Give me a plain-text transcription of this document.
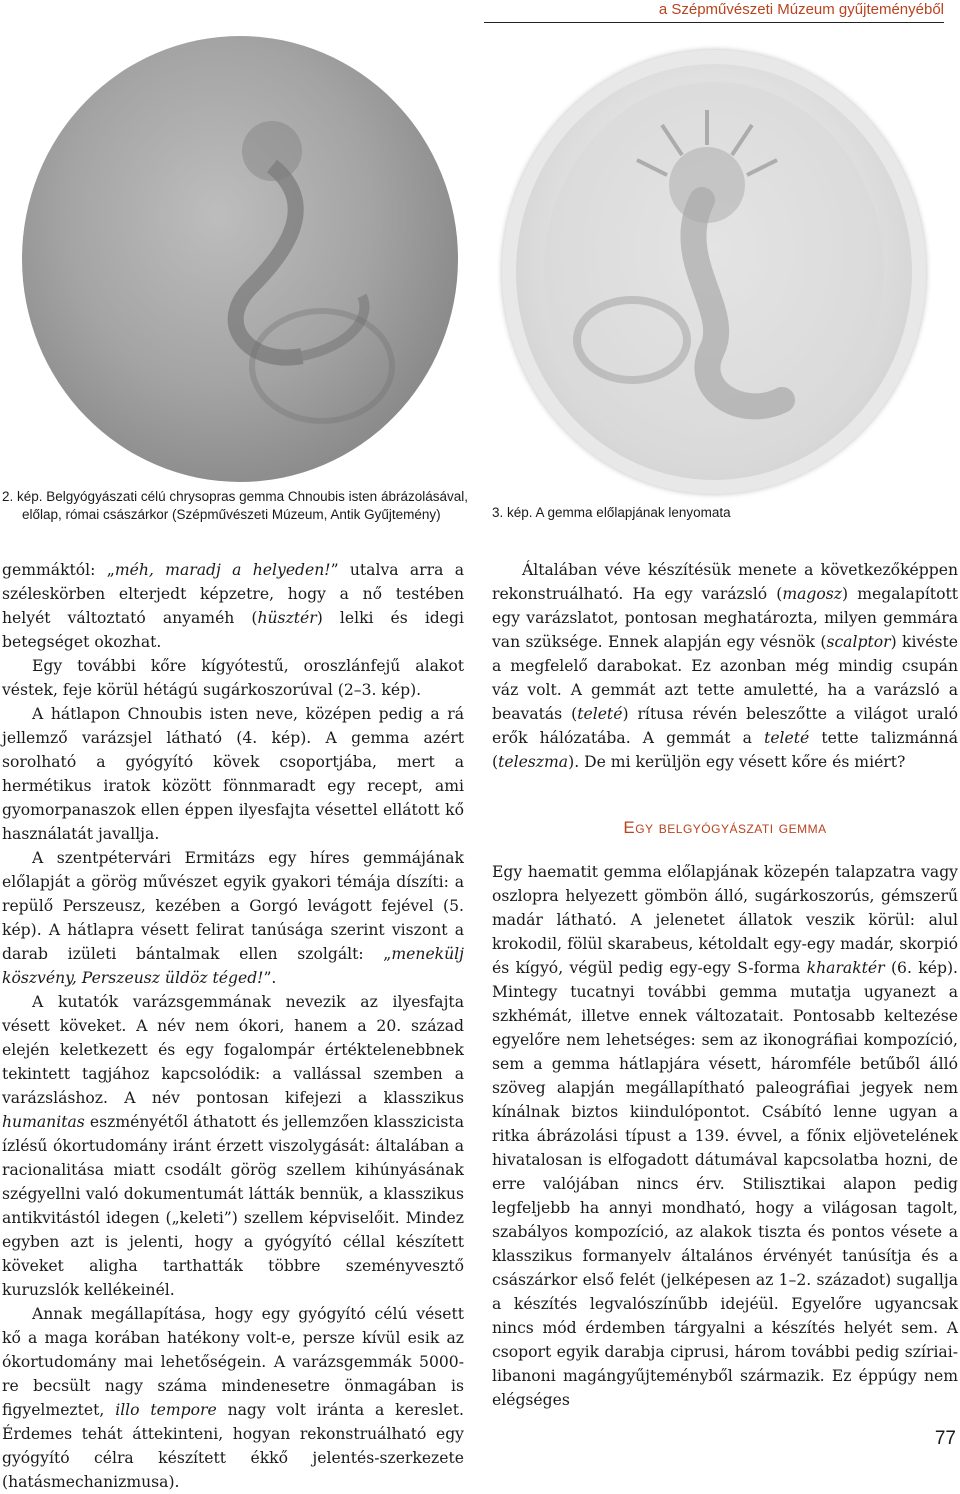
a Szépművészeti Múzeum gyűjteményéből
2. kép. Belgyógyászati célú chrysopras gemma Chnoubis isten ábrázolásával,
előlap, római császárkor (Szépművészeti Múzeum, Antik Gyűjtemény)	3. kép. A gemma előlapjának lenyomata

gemmáktól: „méh, maradj a helyeden!” utalva arra a széleskörben elterjedt képzetre, hogy a nő testében helyét változtató anyaméh (hüsztér) lelki és idegi betegséget okozhat.

Egy további kőre kígyótestű, oroszlánfejű alakot véstek, feje körül hétágú sugárkoszorúval (2–3. kép).

A hátlapon Chnoubis isten neve, középen pedig a rá jellemző varázsjel látható (4. kép). A gemma azért sorolható a gyógyító kövek csoportjába, mert a hermétikus iratok között fönnmaradt egy recept, ami gyomorpanaszok ellen éppen ilyesfajta vésettel ellátott kő használatát javallja.

A szentpétervári Ermitázs egy híres gemmájának előlapját a görög művészet egyik gyakori témája díszíti: a repülő Perszeusz, kezében a Gorgó levágott fejével (5. kép). A hátlapra vésett felirat tanúsága szerint viszont a darab izületi bántalmak ellen szolgált: „menekülj köszvény, Perszeusz üldöz téged!”.

A kutatók varázsgemmának nevezik az ilyesfajta vésett köveket. A név nem ókori, hanem a 20. század elején keletkezett és egy fogalompár értéktelenebbnek tekintett tagjához kapcsolódik: a vallással szemben a varázsláshoz. A név pontosan kifejezi a klasszikus humanitas eszményétől áthatott és jellemzően klasszicista ízlésű ókortudomány iránt érzett viszolygását: általában a racionalitása miatt csodált görög szellem kihúnyásának szégyellni való dokumentumát látták bennük, a klasszikus antikvitástól idegen („keleti”) szellem képviselőit. Mindez egyben azt is jelenti, hogy a gyógyító céllal készített köveket aligha tarthatták többre szeményvesztő kuruzslók kellékeinél.

Annak megállapítása, hogy egy gyógyító célú vésett kő a maga korában hatékony volt-e, persze kívül esik az ókortudomány mai lehetőségein. A varázsgemmák 5000-re becsült nagy száma mindenesetre önmagában is figyelmeztet, illo tempore nagy volt iránta a kereslet. Érdemes tehát áttekinteni, hogyan rekonstruálható egy gyógyító célra készített ékkő jelentés-szerkezete (hatásmechanizmusa).

Általában véve készítésük menete a következőképpen rekonstruálható. Ha egy varázsló (magosz) megalapított egy varázslatot, pontosan meghatározta, milyen gemmára van szüksége. Ennek alapján egy vésnök (scalptor) kivéste a megfelelő darabokat. Ez azonban még mindig csupán váz volt. A gemmát azt tette amuletté, ha a varázsló a beavatás (teleté) rítusa révén beleszőtte a világot uraló erők hálózatába. A gemmát a teleté tette talizmánná (teleszma). De mi kerüljön egy vésett kőre és miért?

Egy belgyógyászati gemma

Egy haematit gemma előlapjának közepén talapzatra vagy oszlopra helyezett gömbön álló, sugárkoszorús, gémszerű madár látható. A jelenetet állatok veszik körül: alul krokodil, fölül skarabeus, kétoldalt egy-egy madár, skorpió és kígyó, végül pedig egy-egy S-forma kharaktér (6. kép). Mintegy tucatnyi további gemma mutatja ugyanezt a szkhémát, illetve ennek változatait. Pontosabb keltezése egyelőre nem lehetséges: sem az ikonográfiai kompozíció, sem a gemma hátlapjára vésett, háromféle betűből álló szöveg alapján megállapítható paleográfiai jegyek nem kínálnak biztos kiindulópontot. Csábító lenne ugyan a ritka ábrázolási típust a 139. évvel, a főnix eljövetelének hivatalosan is elfogadott dátumával kapcsolatba hozni, de erre valójában nincs érv. Stilisztikai alapon pedig legfeljebb ha annyi mondható, hogy a világosan tagolt, szabályos kompozíció, az alakok tiszta és pontos vésete a klasszikus formanyelv általános érvényét tanúsítja és a császárkor első felét (jelképesen az 1–2. századot) sugallja a készítés legvalószínűbb idejéül. Egyelőre ugyancsak nincs mód érdemben tárgyalni a készítés helyét sem. A csoport egyik darabja ciprusi, három további pedig szíriai-libanoni magángyűjteményből származik. Ez éppúgy nem elégséges

77
